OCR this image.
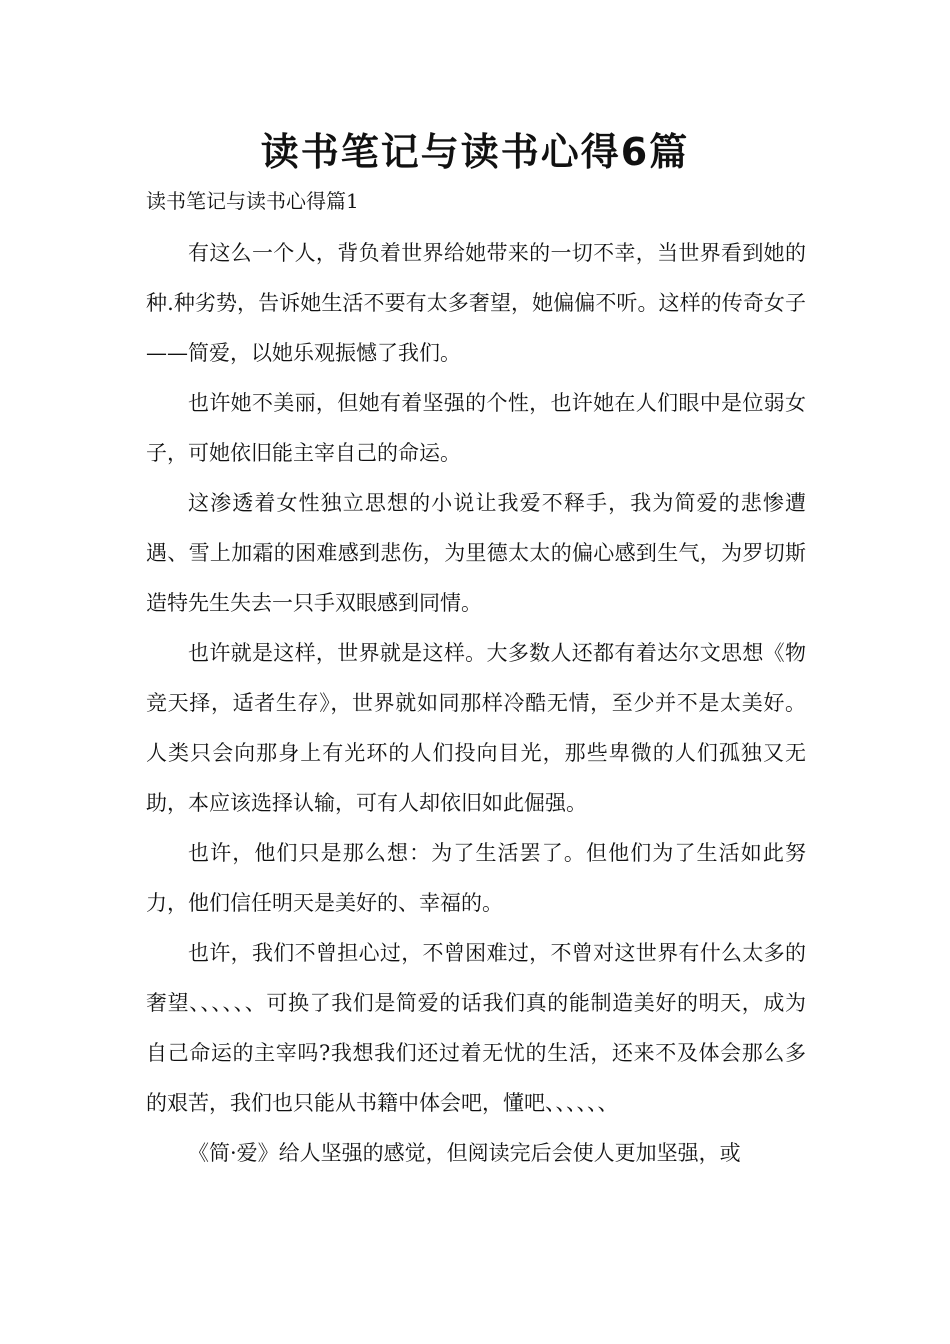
读书笔记与读书心得6篇
读书笔记与读书心得篇1

有这么一个人，背负着世界给她带来的一切不幸，当世界看到她的种.种劣势，告诉她生活不要有太多奢望，她偏偏不听。这样的传奇女子——简爱，以她乐观振憾了我们。

也许她不美丽，但她有着坚强的个性，也许她在人们眼中是位弱女子，可她依旧能主宰自己的命运。

这渗透着女性独立思想的小说让我爱不释手，我为简爱的悲惨遭遇、雪上加霜的困难感到悲伤，为里德太太的偏心感到生气，为罗切斯造特先生失去一只手双眼感到同情。

也许就是这样，世界就是这样。大多数人还都有着达尔文思想《物竞天择，适者生存》，世界就如同那样冷酷无情，至少并不是太美好。 人类只会向那身上有光环的人们投向目光，那些卑微的人们孤独又无助，本应该选择认输，可有人却依旧如此倔强。

也许，他们只是那么想：为了生活罢了。但他们为了生活如此努力，他们信任明天是美好的、幸福的。

也许，我们不曾担心过，不曾困难过，不曾对这世界有什么太多的奢望、、、、、、可换了我们是简爱的话我们真的能制造美好的明天，成为自己命运的主宰吗?我想我们还过着无忧的生活，还来不及体会那么多的艰苦，我们也只能从书籍中体会吧，懂吧、、、、、、

《简·爱》给人坚强的感觉，但阅读完后会使人更加坚强，或
